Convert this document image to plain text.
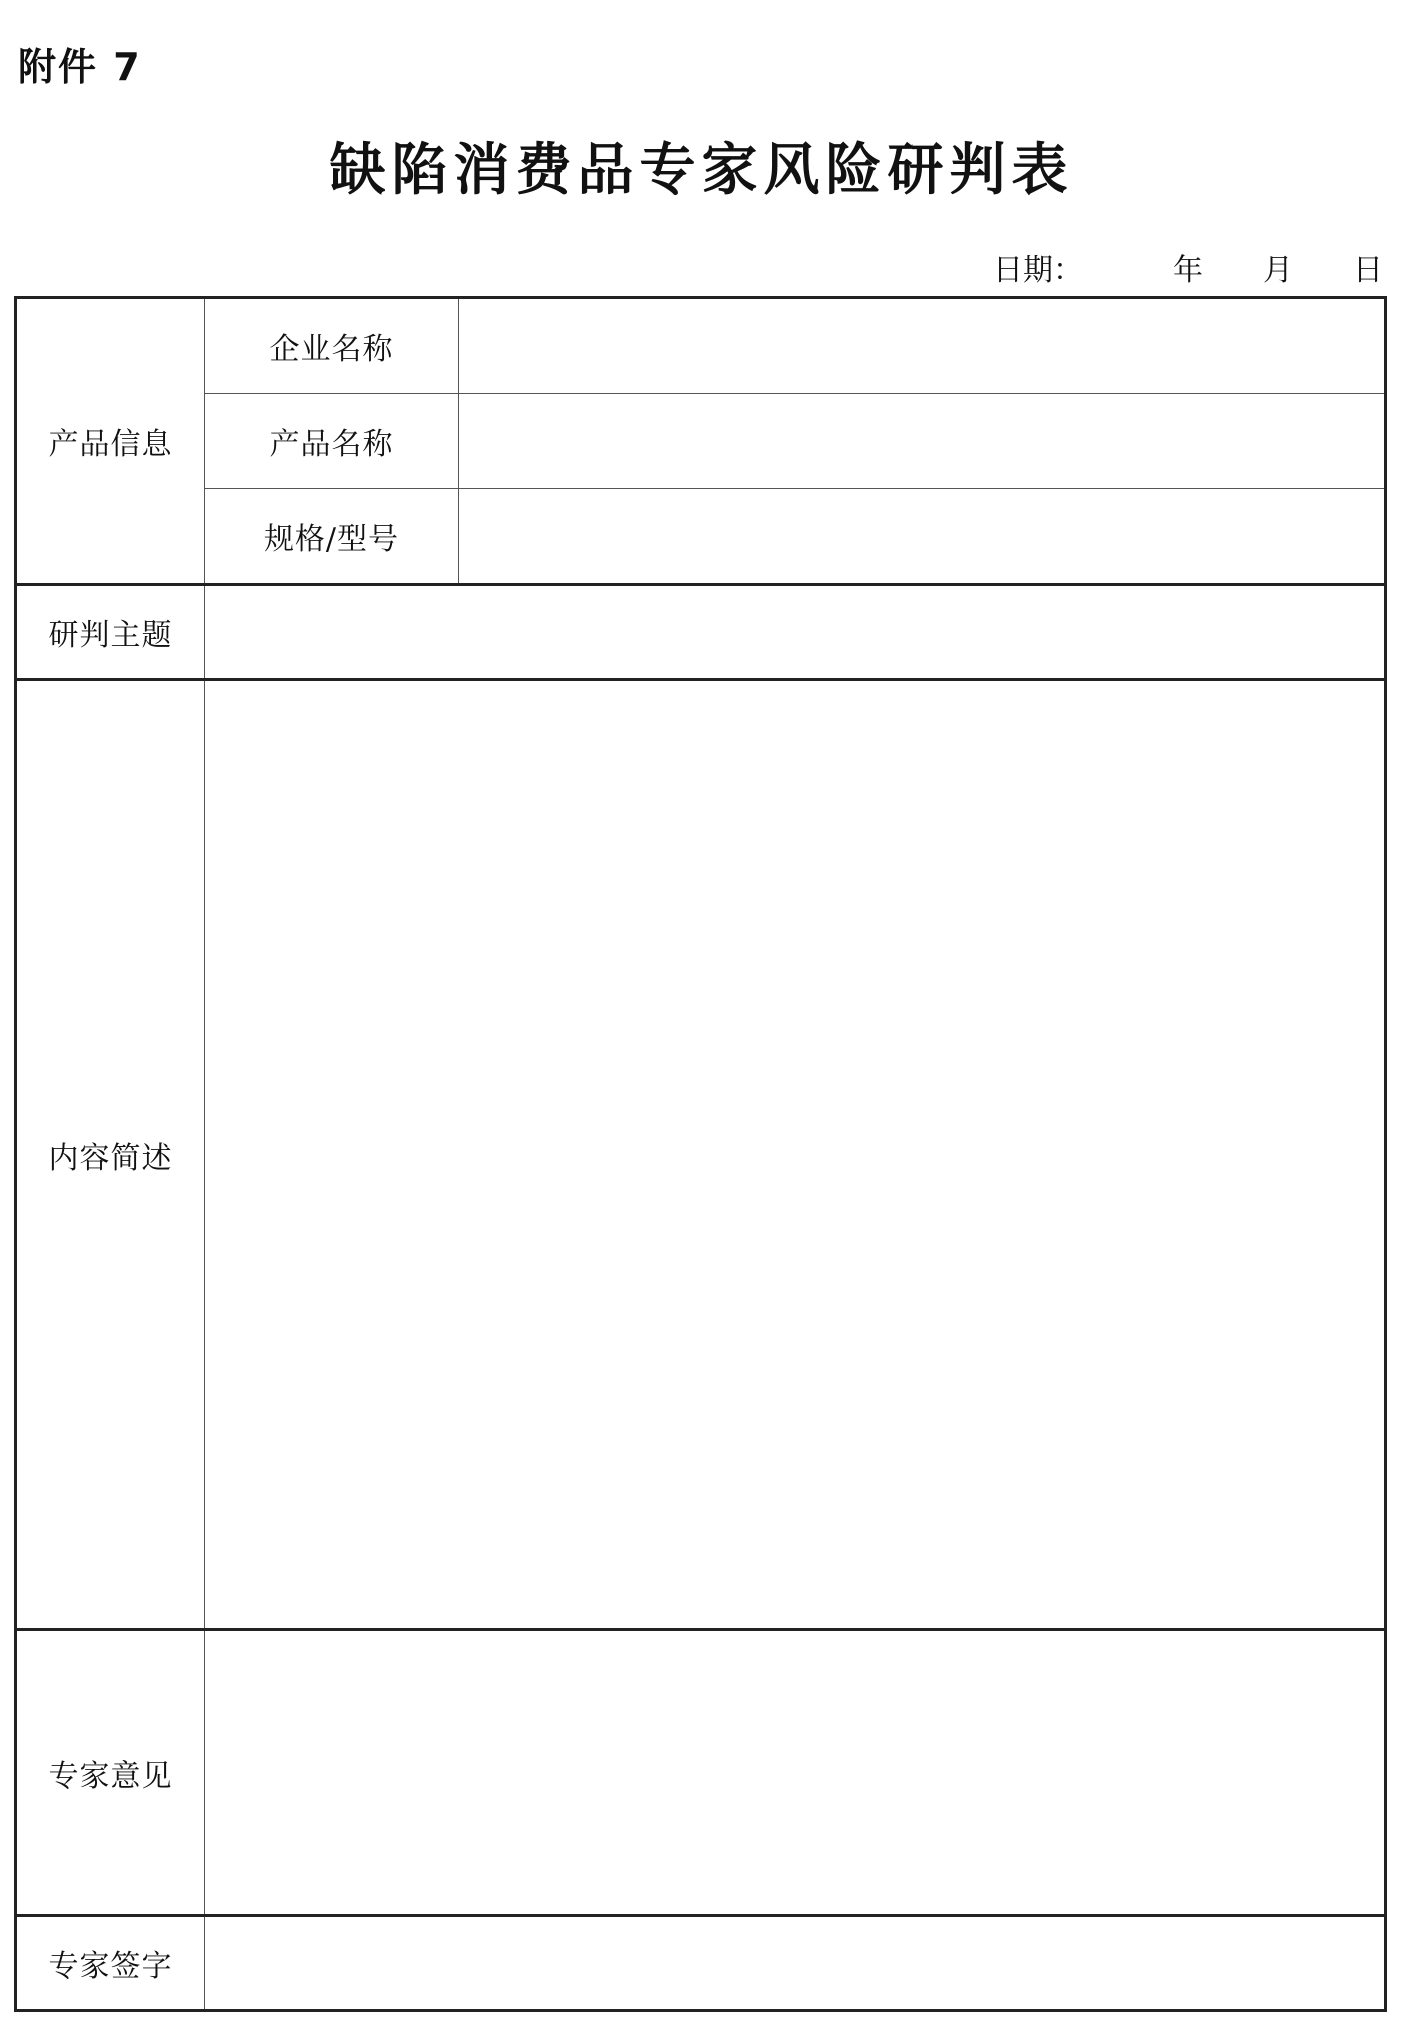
附件 7
缺陷消费品专家风险研判表
日期：	年 月 日
产品信息	企业名称	
	产品名称	
	规格/型号	
研判主题		
内容简述		
专家意见		
专家签字		
